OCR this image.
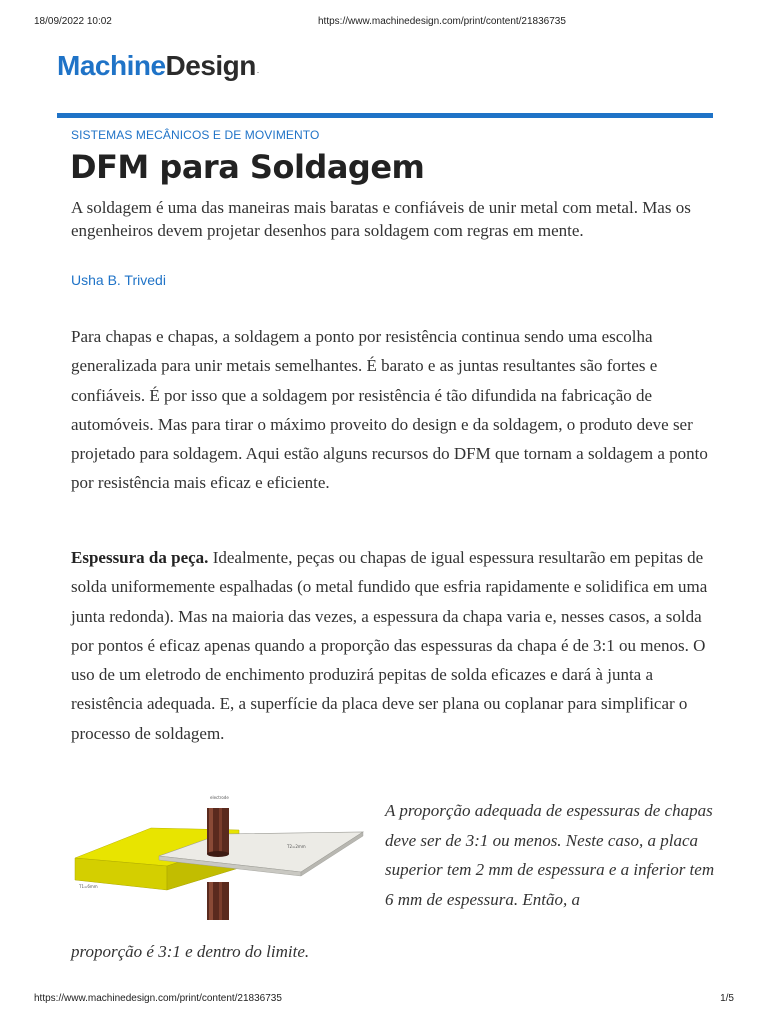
18/09/2022 10:02	https://www.machinedesign.com/print/content/21836735
MachineDesign.
SISTEMAS MECÂNICOS E DE MOVIMENTO
DFM para Soldagem

A soldagem é uma das maneiras mais baratas e confiáveis de unir metal com metal. Mas os engenheiros devem projetar desenhos para soldagem com regras em mente.

Usha B. Trivedi

Para chapas e chapas, a soldagem a ponto por resistência continua sendo uma escolha generalizada para unir metais semelhantes. É barato e as juntas resultantes são fortes e confiáveis. É por isso que a soldagem por resistência é tão difundida na fabricação de automóveis. Mas para tirar o máximo proveito do design e da soldagem, o produto deve ser projetado para soldagem. Aqui estão alguns recursos do DFM que tornam a soldagem a ponto por resistência mais eficaz e eficiente.

Espessura da peça. Idealmente, peças ou chapas de igual espessura resultarão em pepitas de solda uniformemente espalhadas (o metal fundido que esfria rapidamente e solidifica em uma junta redonda). Mas na maioria das vezes, a espessura da chapa varia e, nesses casos, a solda por pontos é eficaz apenas quando a proporção das espessuras da chapa é de 3:1 ou menos. O uso de um eletrodo de enchimento produzirá pepitas de solda eficazes e dará à junta a resistência adequada. E, a superfície da placa deve ser plana ou coplanar para simplificar o processo de soldagem.

electrode
T2=2mm
T1=6mm

A proporção adequada de espessuras de chapas deve ser de 3:1 ou menos. Neste caso, a placa superior tem 2 mm de espessura e a inferior tem 6 mm de espessura. Então, a

proporção é 3:1 e dentro do limite.

https://www.machinedesign.com/print/content/21836735	1/5
